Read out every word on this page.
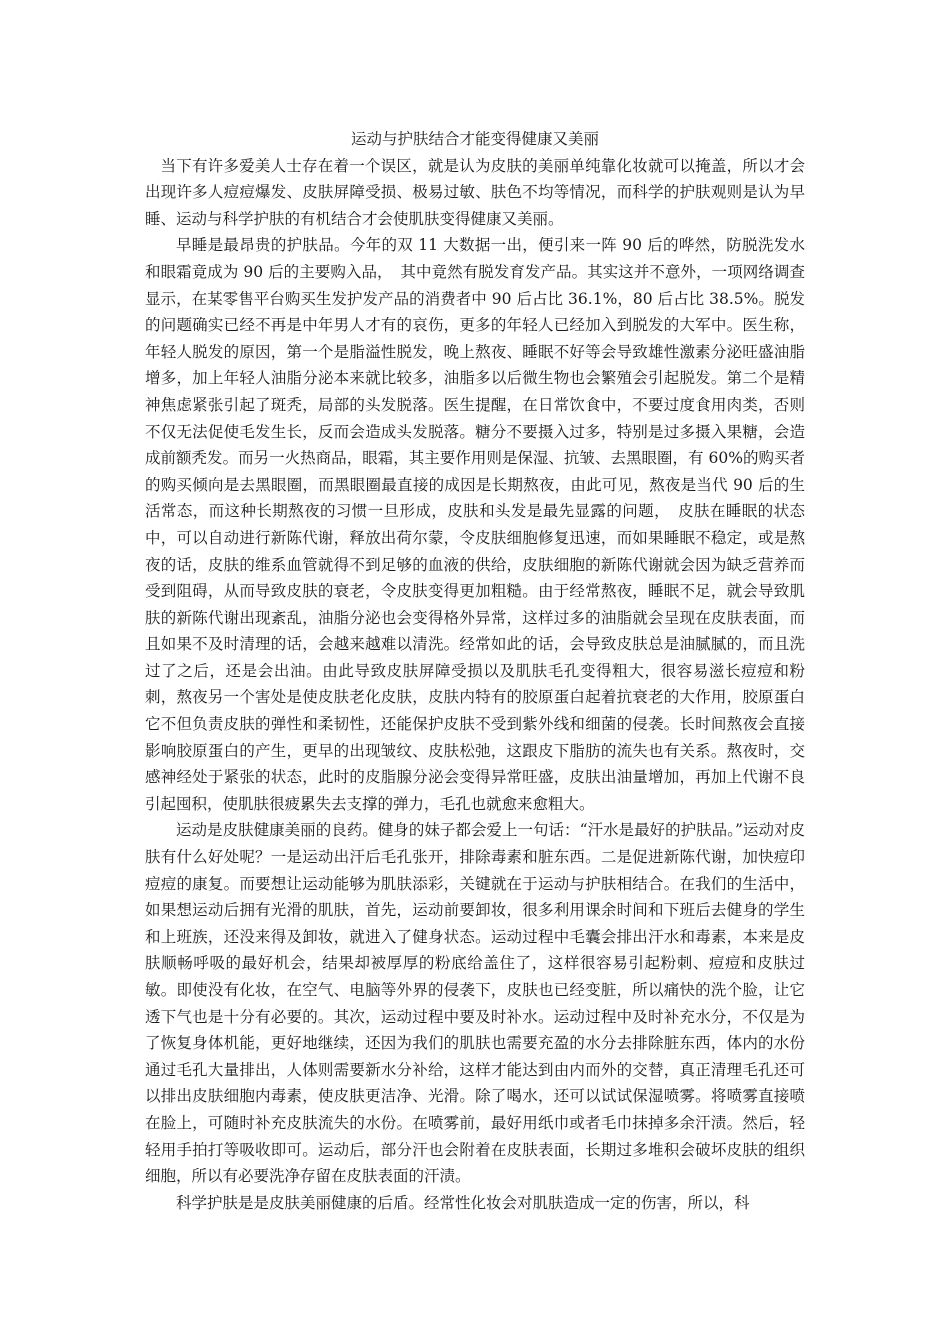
运动与护肤结合才能变得健康又美丽

当下有许多爱美人士存在着一个误区，就是认为皮肤的美丽单纯靠化妆就可以掩盖，所以才会出现许多人痘痘爆发、皮肤屏障受损、极易过敏、肤色不均等情况，而科学的护肤观则是认为早睡、运动与科学护肤的有机结合才会使肌肤变得健康又美丽。

早睡是最昂贵的护肤品。今年的双 11 大数据一出，便引来一阵 90 后的哗然，防脱洗发水和眼霜竟成为 90 后的主要购入品，　其中竟然有脱发育发产品。其实这并不意外，一项网络调查显示，在某零售平台购买生发护发产品的消费者中 90 后占比 36.1%，80 后占比 38.5%。脱发的问题确实已经不再是中年男人才有的哀伤，更多的年轻人已经加入到脱发的大军中。医生称，年轻人脱发的原因，第一个是脂溢性脱发，晚上熬夜、睡眠不好等会导致雄性激素分泌旺盛油脂增多，加上年轻人油脂分泌本来就比较多，油脂多以后微生物也会繁殖会引起脱发。第二个是精神焦虑紧张引起了斑秃，局部的头发脱落。医生提醒，在日常饮食中，不要过度食用肉类，否则不仅无法促使毛发生长，反而会造成头发脱落。糖分不要摄入过多，特别是过多摄入果糖，会造成前额秃发。而另一火热商品，眼霜，其主要作用则是保湿、抗皱、去黑眼圈，有 60%的购买者的购买倾向是去黑眼圈，而黑眼圈最直接的成因是长期熬夜，由此可见，熬夜是当代 90 后的生活常态，而这种长期熬夜的习惯一旦形成，皮肤和头发是最先显露的问题，　皮肤在睡眠的状态中，可以自动进行新陈代谢，释放出荷尔蒙，令皮肤细胞修复迅速，而如果睡眠不稳定，或是熬夜的话，皮肤的维系血管就得不到足够的血液的供给，皮肤细胞的新陈代谢就会因为缺乏营养而受到阻碍，从而导致皮肤的衰老，令皮肤变得更加粗糙。由于经常熬夜，睡眠不足，就会导致肌肤的新陈代谢出现紊乱，油脂分泌也会变得格外异常，这样过多的油脂就会呈现在皮肤表面，而且如果不及时清理的话，会越来越难以清洗。经常如此的话，会导致皮肤总是油腻腻的，而且洗过了之后，还是会出油。由此导致皮肤屏障受损以及肌肤毛孔变得粗大，很容易滋长痘痘和粉刺，熬夜另一个害处是使皮肤老化皮肤，皮肤内特有的胶原蛋白起着抗衰老的大作用，胶原蛋白它不但负责皮肤的弹性和柔韧性，还能保护皮肤不受到紫外线和细菌的侵袭。长时间熬夜会直接影响胶原蛋白的产生，更早的出现皱纹、皮肤松弛，这跟皮下脂肪的流失也有关系。熬夜时，交感神经处于紧张的状态，此时的皮脂腺分泌会变得异常旺盛，皮肤出油量增加，再加上代谢不良引起囤积，使肌肤很疲累失去支撑的弹力，毛孔也就愈来愈粗大。

运动是皮肤健康美丽的良药。健身的妹子都会爱上一句话：“汗水是最好的护肤品。”运动对皮肤有什么好处呢？一是运动出汗后毛孔张开，排除毒素和脏东西。二是促进新陈代谢，加快痘印痘痘的康复。而要想让运动能够为肌肤添彩，关键就在于运动与护肤相结合。在我们的生活中，如果想运动后拥有光滑的肌肤，首先，运动前要卸妆，很多利用课余时间和下班后去健身的学生和上班族，还没来得及卸妆，就进入了健身状态。运动过程中毛囊会排出汗水和毒素，本来是皮肤顺畅呼吸的最好机会，结果却被厚厚的粉底给盖住了，这样很容易引起粉刺、痘痘和皮肤过敏。即使没有化妆，在空气、电脑等外界的侵袭下，皮肤也已经变脏，所以痛快的洗个脸，让它透下气也是十分有必要的。其次，运动过程中要及时补水。运动过程中及时补充水分，不仅是为了恢复身体机能，更好地继续，还因为我们的肌肤也需要充盈的水分去排除脏东西，体内的水份通过毛孔大量排出，人体则需要新水分补给，这样才能达到由内而外的交替，真正清理毛孔还可以排出皮肤细胞内毒素，使皮肤更洁净、光滑。除了喝水，还可以试试保湿喷雾。将喷雾直接喷在脸上，可随时补充皮肤流失的水份。在喷雾前，最好用纸巾或者毛巾抹掉多余汗渍。然后，轻轻用手拍打等吸收即可。运动后，部分汗也会附着在皮肤表面，长期过多堆积会破坏皮肤的组织细胞，所以有必要洗净存留在皮肤表面的汗渍。

科学护肤是是皮肤美丽健康的后盾。经常性化妆会对肌肤造成一定的伤害，所以，科
